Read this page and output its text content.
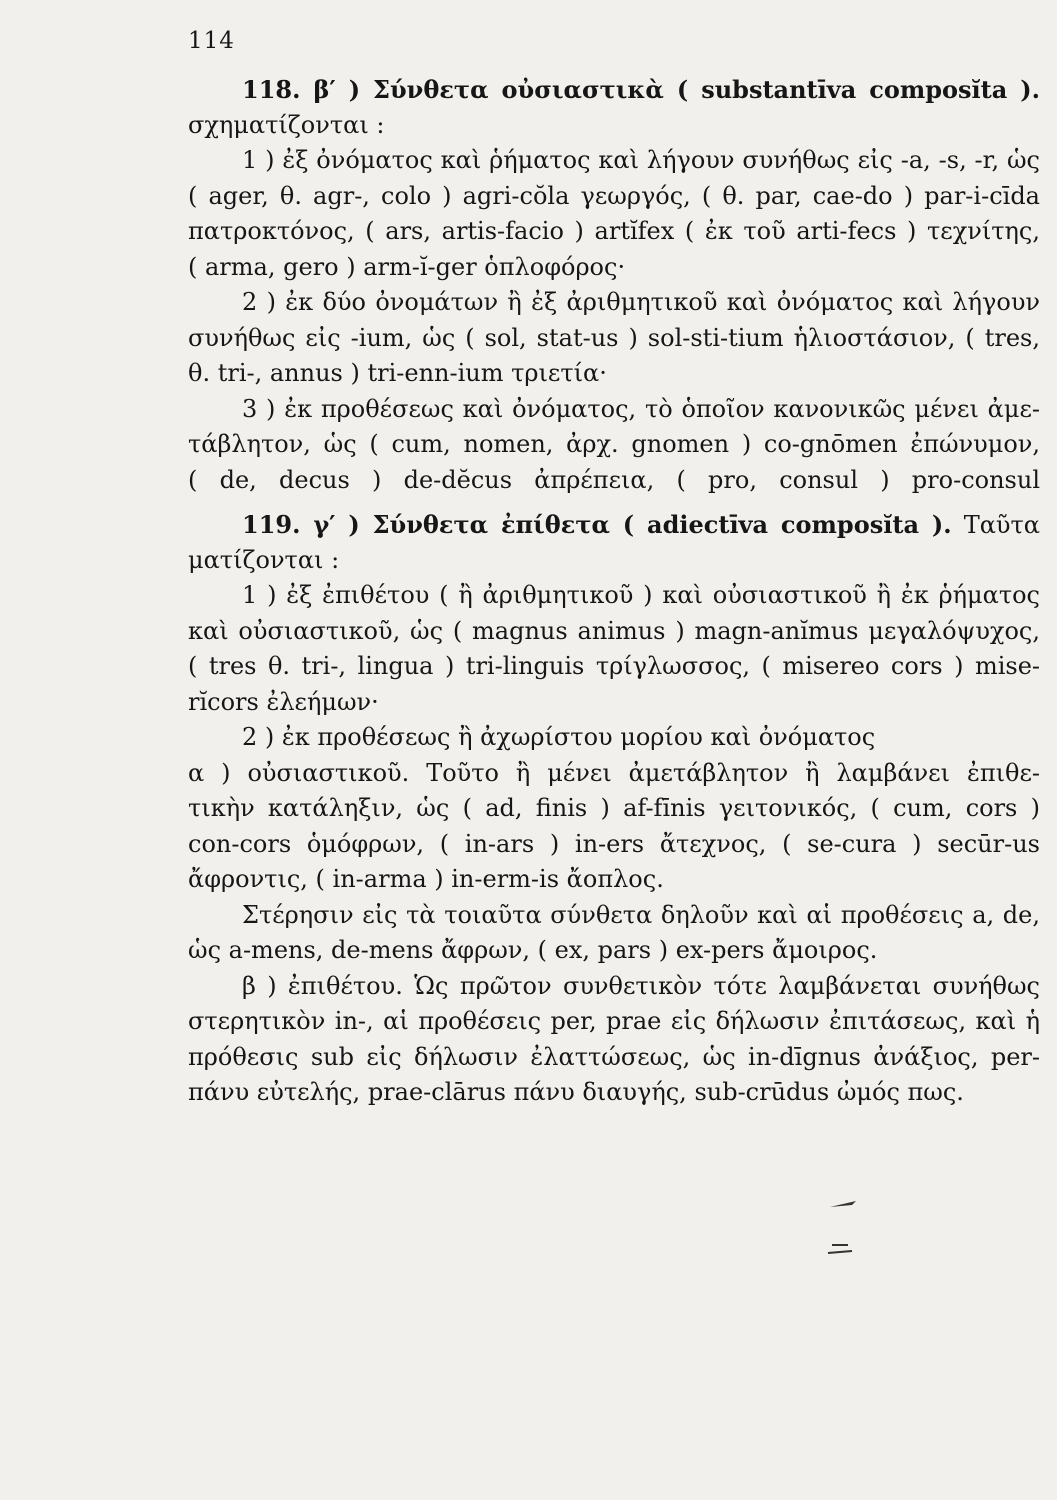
114
118. β′ ) Σύνθετα οὐσιαστικὰ ( substantīva composĭta ).
σχηματίζονται :
1 ) ἐξ ὀνόματος καὶ ῥήματος καὶ λήγουν συνήθως εἰς -a, -s, -r, ὡς
( ager, θ. agr-, colo ) agri-cŏla γεωργός, ( θ. par, cae-do ) par-i-cīda
πατροκτόνος, ( ars, artis-facio ) artĭfex ( ἐκ τοῦ arti-fecs ) τεχνίτης,
( arma, gero ) arm-ĭ-ger ὁπλοφόρος·
2 ) ἐκ δύο ὀνομάτων ἢ ἐξ ἀριθμητικοῦ καὶ ὀνόματος καὶ λήγουν
συνήθως εἰς -ium, ὡς ( sol, stat-us ) sol-sti-tium ἡλιοστάσιον, ( tres,
θ. tri-, annus ) tri-enn-ium τριετία·
3 ) ἐκ προθέσεως καὶ ὀνόματος, τὸ ὁποῖον κανονικῶς μένει ἀμε-
τάβλητον, ὡς ( cum, nomen, ἀρχ. gnomen ) co-gnōmen ἐπώνυμον,
( de, decus ) de-dĕcus ἀπρέπεια, ( pro, consul ) pro-consul
119. γ′ ) Σύνθετα ἐπίθετα ( adiectīva composĭta ). Ταῦτα
ματίζονται :
1 ) ἐξ ἐπιθέτου ( ἢ ἀριθμητικοῦ ) καὶ οὐσιαστικοῦ ἢ ἐκ ῥήματος
καὶ οὐσιαστικοῦ, ὡς ( magnus animus ) magn-anĭmus μεγαλόψυχος,
( tres θ. tri-, lingua ) tri-linguis τρίγλωσσος, ( misereo cors ) mise-
rĭcors ἐλεήμων·
2 ) ἐκ προθέσεως ἢ ἀχωρίστου μορίου καὶ ὀνόματος
α ) οὐσιαστικοῦ. Τοῦτο ἢ μένει ἀμετάβλητον ἢ λαμβάνει ἐπιθε-
τικὴν κατάληξιν, ὡς ( ad, finis ) af-fīnis γειτονικός, ( cum, cors )
con-cors ὁμόφρων, ( in-ars ) in-ers ἄτεχνος, ( se-cura ) secūr-us
ἄφροντις, ( in-arma ) in-erm-is ἄοπλος.
Στέρησιν εἰς τὰ τοιαῦτα σύνθετα δηλοῦν καὶ αἱ προθέσεις a, de,
ὡς a-mens, de-mens ἄφρων, ( ex, pars ) ex-pers ἄμοιρος.
β ) ἐπιθέτου. Ὡς πρῶτον συνθετικὸν τότε λαμβάνεται συνήθως
στερητικὸν in-, αἱ προθέσεις per, prae εἰς δήλωσιν ἐπιτάσεως, καὶ ἡ
πρόθεσις sub εἰς δήλωσιν ἐλαττώσεως, ὡς in-dīgnus ἀνάξιος, per-
πάνυ εὐτελής, prae-clārus πάνυ διαυγής, sub-crūdus ὠμός πως.
